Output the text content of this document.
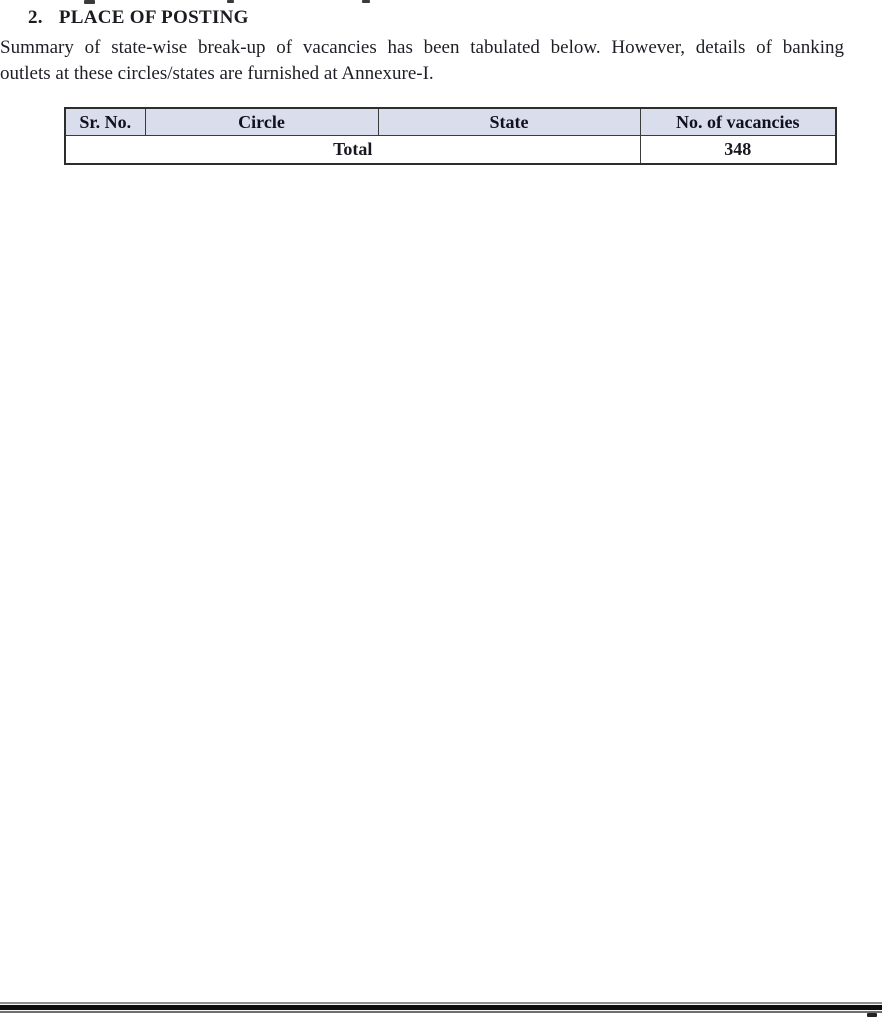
2. PLACE OF POSTING
Summary of state-wise break-up of vacancies has been tabulated below. However, details of banking
outlets at these circles/states are furnished at Annexure-I.
Sr. No.	Circle	State	No. of vacancies
Total			348
